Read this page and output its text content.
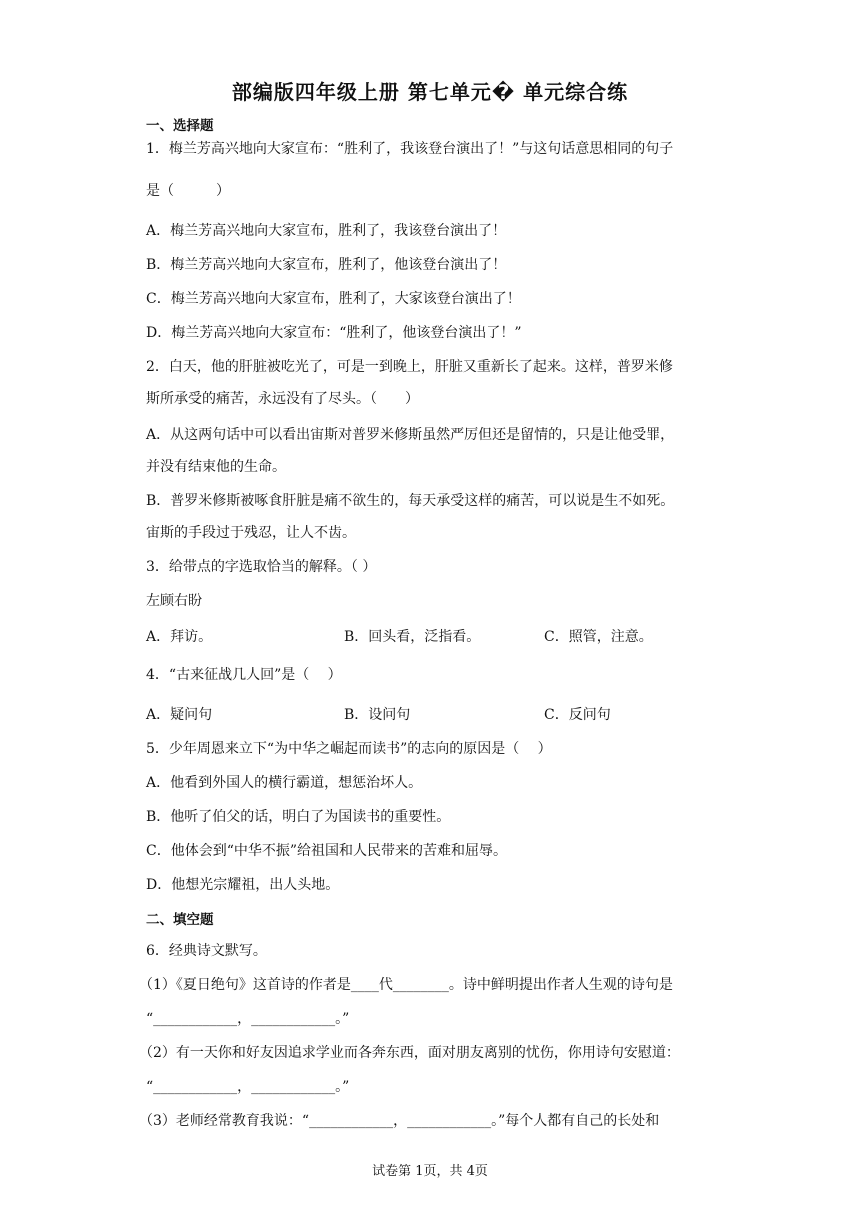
部编版四年级上册 第七单元� 单元综合练
一、选择题
1．梅兰芳高兴地向大家宣布：“胜利了，我该登台演出了！”与这句话意思相同的句子
是（　　　）
A．梅兰芳高兴地向大家宣布，胜利了，我该登台演出了！
B．梅兰芳高兴地向大家宣布，胜利了，他该登台演出了！
C．梅兰芳高兴地向大家宣布，胜利了，大家该登台演出了！
D．梅兰芳高兴地向大家宣布：“胜利了，他该登台演出了！”
2．白天，他的肝脏被吃光了，可是一到晚上，肝脏又重新长了起来。这样，普罗米修
斯所承受的痛苦，永远没有了尽头。（　　）
A．从这两句话中可以看出宙斯对普罗米修斯虽然严厉但还是留情的，只是让他受罪，
并没有结束他的生命。
B．普罗米修斯被啄食肝脏是痛不欲生的，每天承受这样的痛苦，可以说是生不如死。
宙斯的手段过于残忍，让人不齿。
3．给带点的字选取恰当的解释。（ ）
左顾右盼
A．拜访。	B．回头看，泛指看。	C．照管，注意。
4．“古来征战几人回”是（　 ）
A．疑问句	B．设问句	C．反问句
5．少年周恩来立下“为中华之崛起而读书”的志向的原因是（　 ）
A．他看到外国人的横行霸道，想惩治坏人。
B．他听了伯父的话，明白了为国读书的重要性。
C．他体会到“中华不振”给祖国和人民带来的苦难和屈辱。
D．他想光宗耀祖，出人头地。
二、填空题
6．经典诗文默写。
（1）《夏日绝句》这首诗的作者是____代________。诗中鲜明提出作者人生观的诗句是
“____________，____________。”
（2）有一天你和好友因追求学业而各奔东西，面对朋友离别的忧伤，你用诗句安慰道：
“____________，____________。”
（3）老师经常教育我说：“____________，____________。”每个人都有自己的长处和
试卷第 1页，共 4页
